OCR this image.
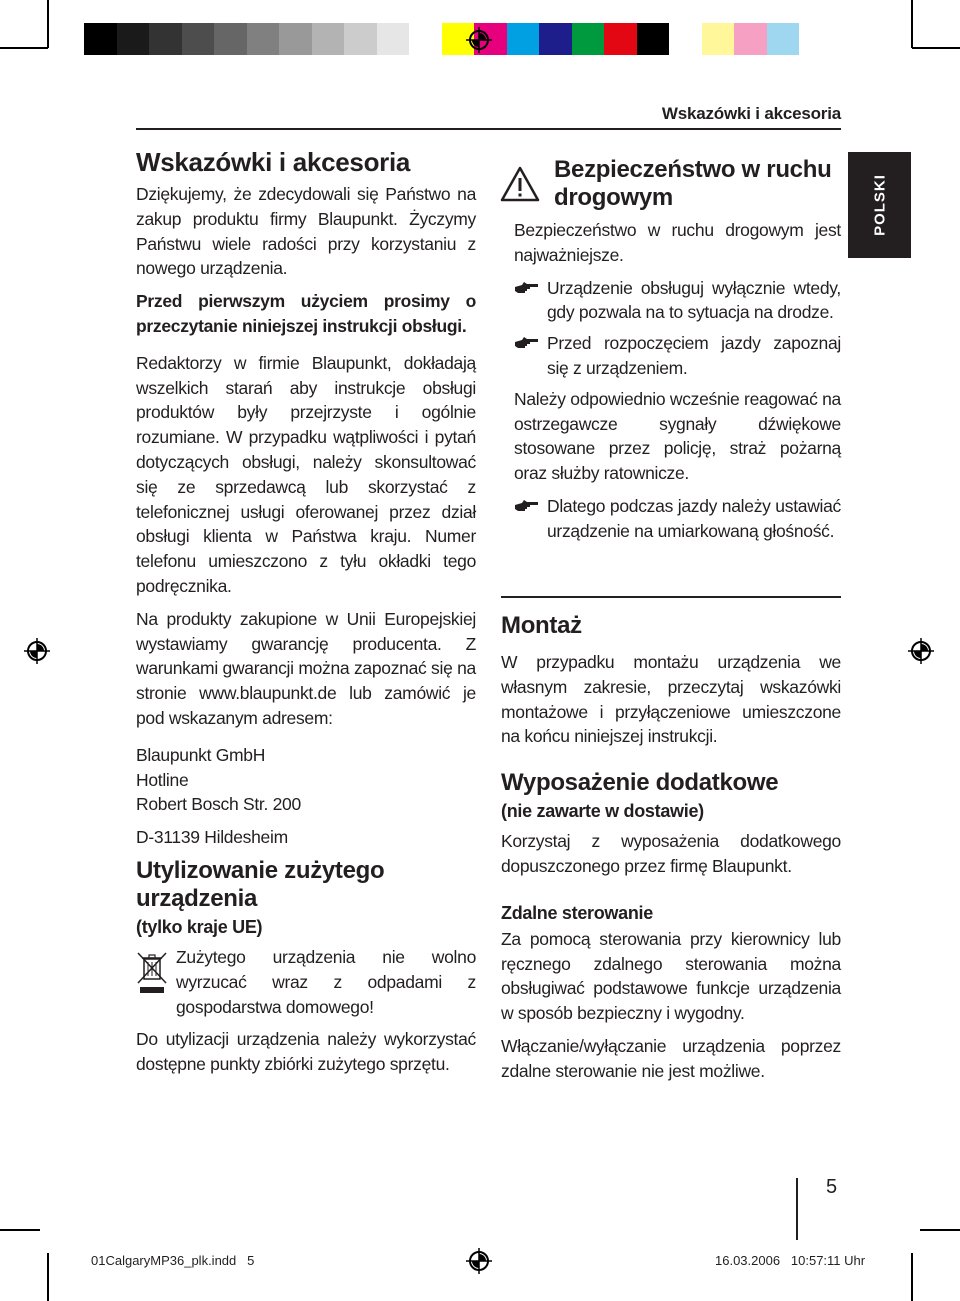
Wskazówki i akcesoria
POLSKI
Wskazówki i akcesoria

Dziękujemy, że zdecydowali się Państwo na zakup produktu firmy Blaupunkt. Życzymy Państwu wiele radości przy korzystaniu z nowego urządzenia.

Przed pierwszym użyciem prosimy o przeczytanie niniejszej instrukcji obsługi.

Redaktorzy w firmie Blaupunkt, dokładają wszelkich starań aby instrukcje obsługi produktów były przejrzyste i ogólnie rozumiane. W przypadku wątpliwości i pytań dotyczących obsługi, należy skonsultować się ze sprzedawcą lub skorzystać z telefonicznej usługi oferowanej przez dział obsługi klienta w Państwa kraju. Numer telefonu umieszczono z tyłu okładki tego podręcznika.

Na produkty zakupione w Unii Europejskiej wystawiamy gwarancję producenta. Z warunkami gwarancji można zapoznać się na stronie www.blaupunkt.de lub zamówić je pod wskazanym adresem:

Blaupunkt GmbH
Hotline
Robert Bosch Str. 200
D-31139 Hildesheim
Utylizowanie zużytego
urządzenia
(tylko kraje UE)

Zużytego urządzenia nie wolno wyrzucać wraz z odpadami z gospodarstwa domowego!

Do utylizacji urządzenia należy wykorzystać dostępne punkty zbiórki zużytego sprzętu.

Bezpieczeństwo w ruchu
drogowym

Bezpieczeństwo w ruchu drogowym jest najważniejsze.

Urządzenie obsługuj wyłącznie wtedy, gdy pozwala na to sytuacja na drodze.
Przed rozpoczęciem jazdy zapoznaj się z urządzeniem.

Należy odpowiednio wcześnie reagować na ostrzegawcze sygnały dźwiękowe stosowane przez policję, straż pożarną oraz służby ratownicze.

Dlatego podczas jazdy należy ustawiać urządzenie na umiarkowaną głośność.
Montaż

W przypadku montażu urządzenia we własnym zakresie, przeczytaj wskazówki montażowe i przyłączeniowe umieszczone na końcu niniejszej instrukcji.

Wyposażenie dodatkowe
(nie zawarte w dostawie)

Korzystaj z wyposażenia dodatkowego dopuszczonego przez firmę Blaupunkt.

Zdalne sterowanie

Za pomocą sterowania przy kierownicy lub ręcznego zdalnego sterowania można obsługiwać podstawowe funkcje urządzenia w sposób bezpieczny i wygodny.

Włączanie/wyłączanie urządzenia poprzez zdalne sterowanie nie jest możliwe.

5
01CalgaryMP36_plk.indd   5	16.03.2006   10:57:11 Uhr
